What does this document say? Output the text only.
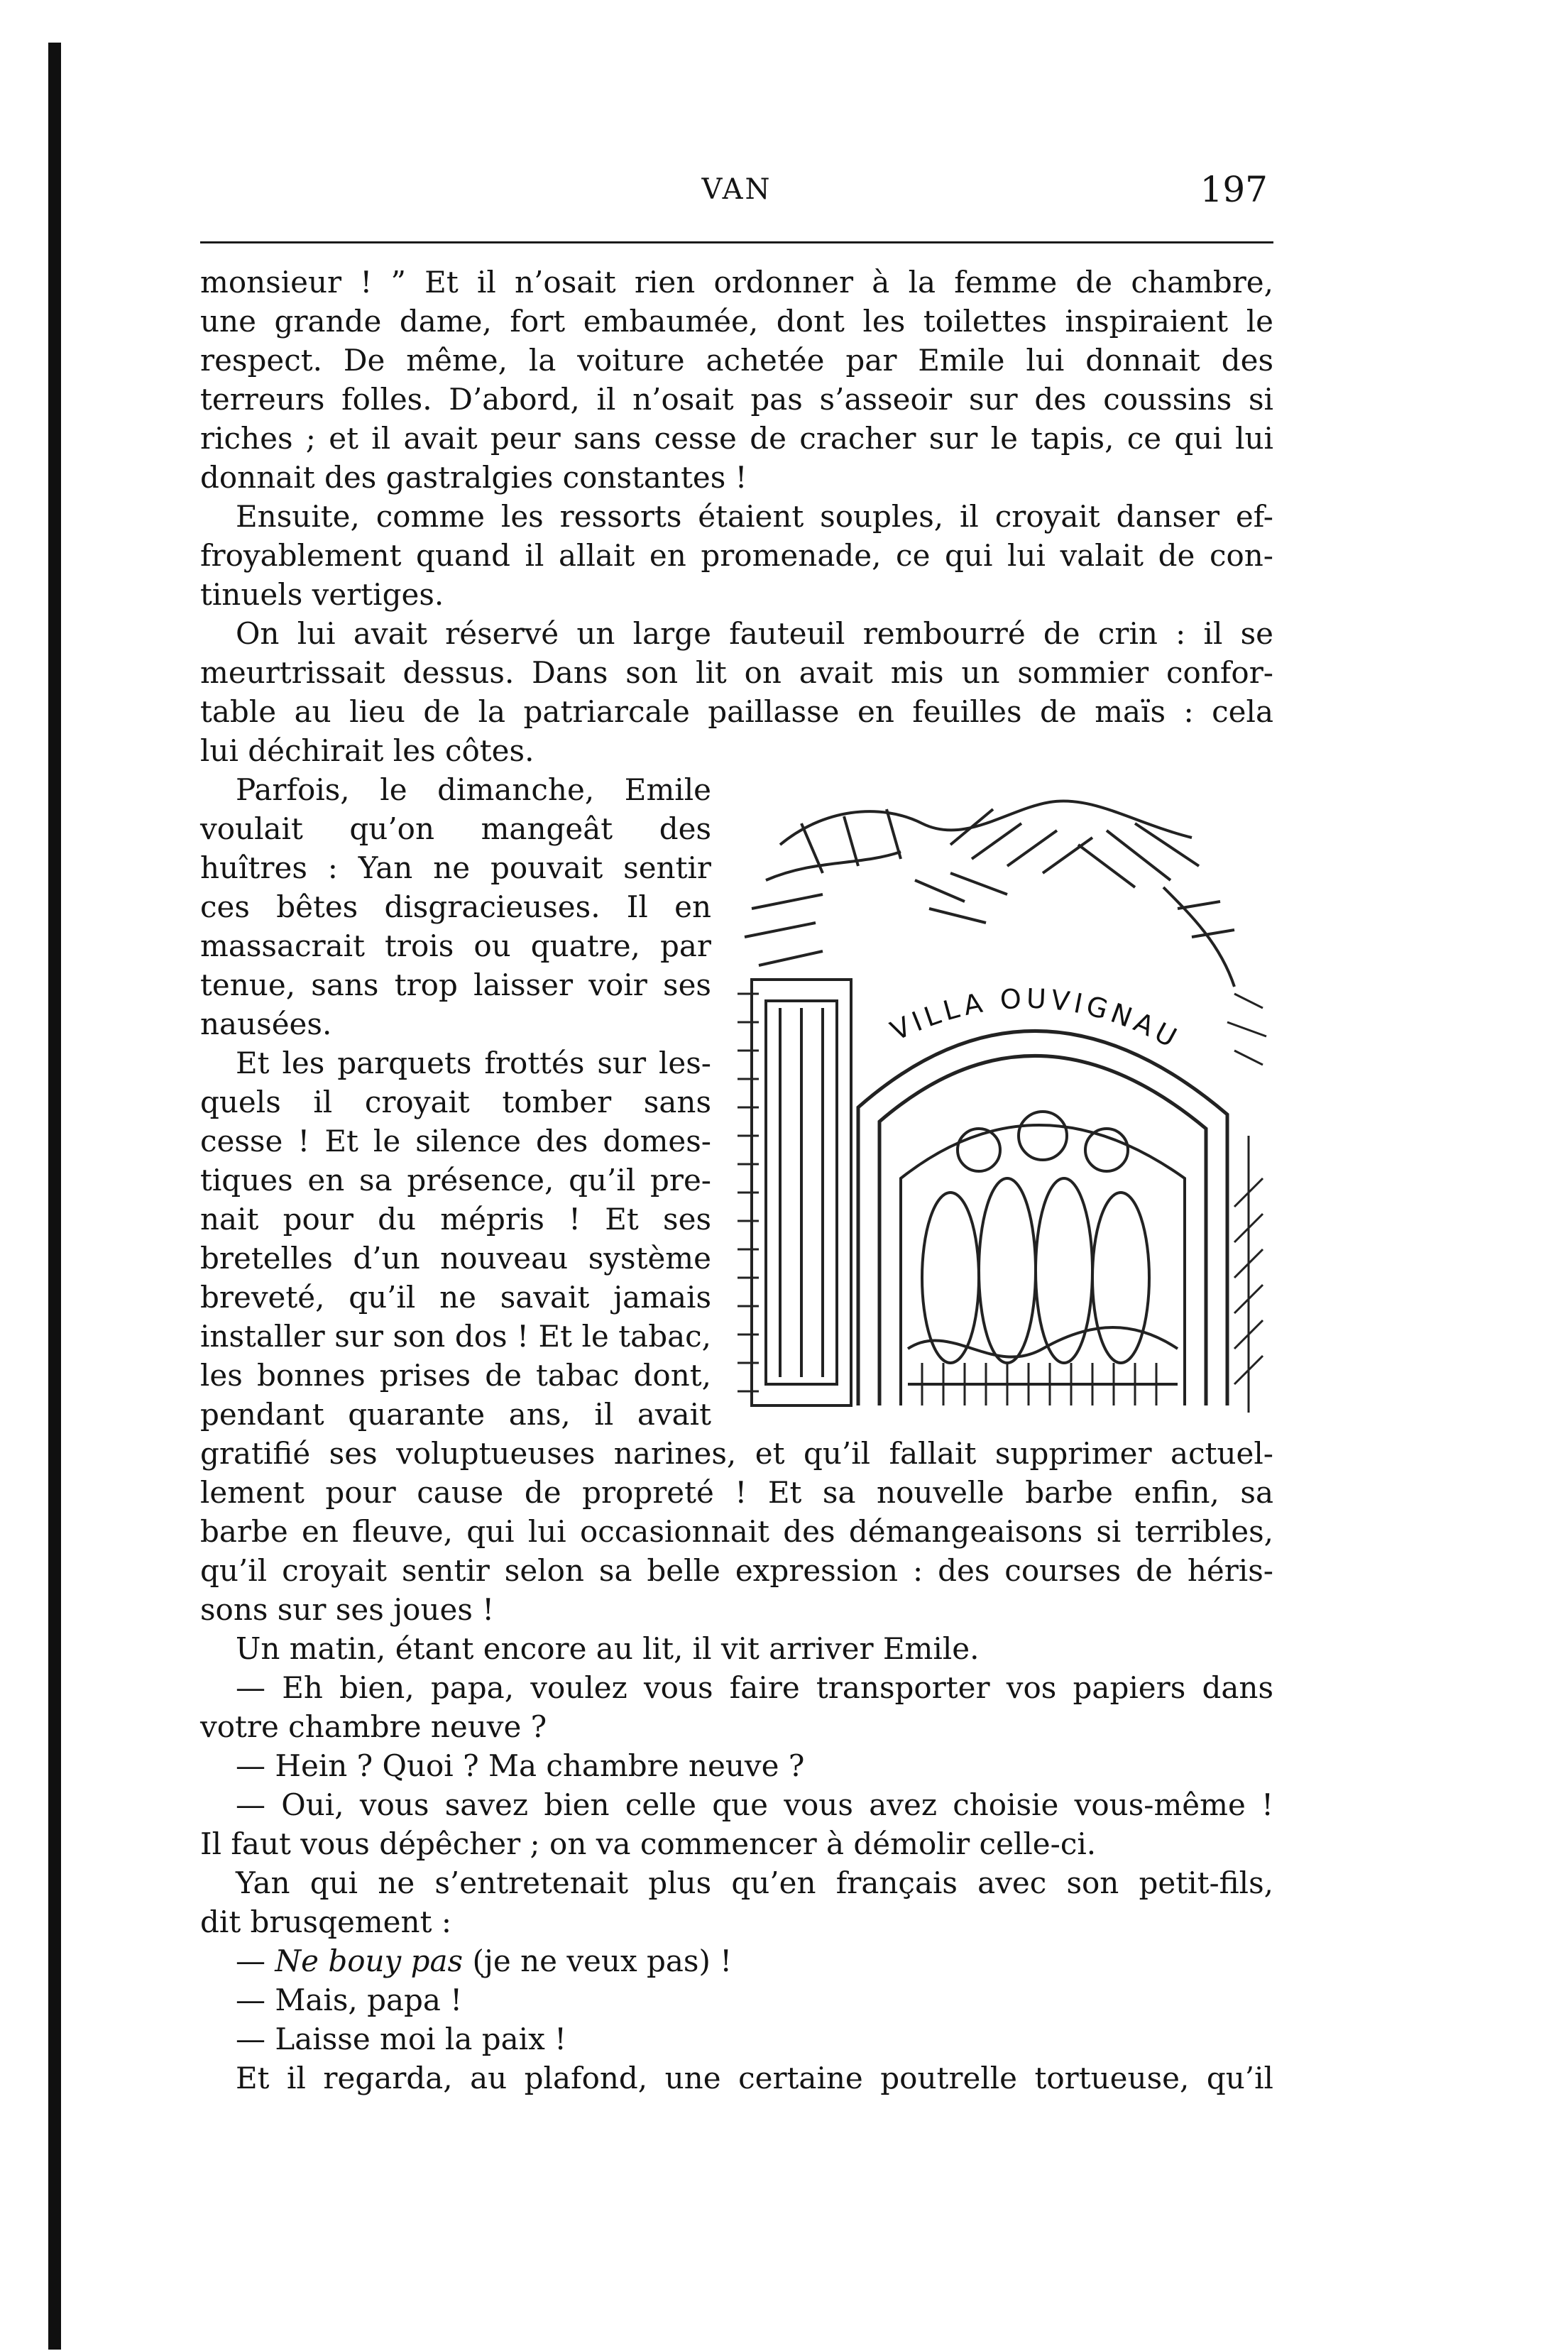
VAN	197
monsieur ! ” Et il n’osait rien ordonner à la femme de chambre,
une grande dame, fort embaumée, dont les toilettes inspiraient le
respect. De même, la voiture achetée par Emile lui donnait des
terreurs folles. D’abord, il n’osait pas s’asseoir sur des coussins si
riches ; et il avait peur sans cesse de cracher sur le tapis, ce qui lui
donnait des gastralgies constantes !
Ensuite, comme les ressorts étaient souples, il croyait danser ef-
froyablement quand il allait en promenade, ce qui lui valait de con-
tinuels vertiges.
On lui avait réservé un large fauteuil rembourré de crin : il se
meurtrissait dessus. Dans son lit on avait mis un sommier confor-
table au lieu de la patriarcale paillasse en feuilles de maïs : cela
lui déchirait les côtes.
Parfois, le dimanche, Emile
voulait qu’on mangeât des
huîtres : Yan ne pouvait sentir
ces bêtes disgracieuses. Il en
massacrait trois ou quatre, par
tenue, sans trop laisser voir ses
nausées.
Et les parquets frottés sur les-
quels il croyait tomber sans
cesse ! Et le silence des domes-
tiques en sa présence, qu’il pre-
nait pour du mépris ! Et ses
bretelles d’un nouveau système
breveté, qu’il ne savait jamais
installer sur son dos ! Et le tabac,
les bonnes prises de tabac dont,
pendant quarante ans, il avait
VILLA OUVIGNAU
gratifié ses voluptueuses narines, et qu’il fallait supprimer actuel-
lement pour cause de propreté ! Et sa nouvelle barbe enfin, sa
barbe en fleuve, qui lui occasionnait des démangeaisons si terribles,
qu’il croyait sentir selon sa belle expression : des courses de héris-
sons sur ses joues !
Un matin, étant encore au lit, il vit arriver Emile.
— Eh bien, papa, voulez vous faire transporter vos papiers dans
votre chambre neuve ?
— Hein ? Quoi ? Ma chambre neuve ?
— Oui, vous savez bien celle que vous avez choisie vous-même !
Il faut vous dépêcher ; on va commencer à démolir celle-ci.
Yan qui ne s’entretenait plus qu’en français avec son petit-fils,
dit brusqement :
— Ne bouy pas (je ne veux pas) !
— Mais, papa !
— Laisse moi la paix !
Et il regarda, au plafond, une certaine poutrelle tortueuse, qu’il
